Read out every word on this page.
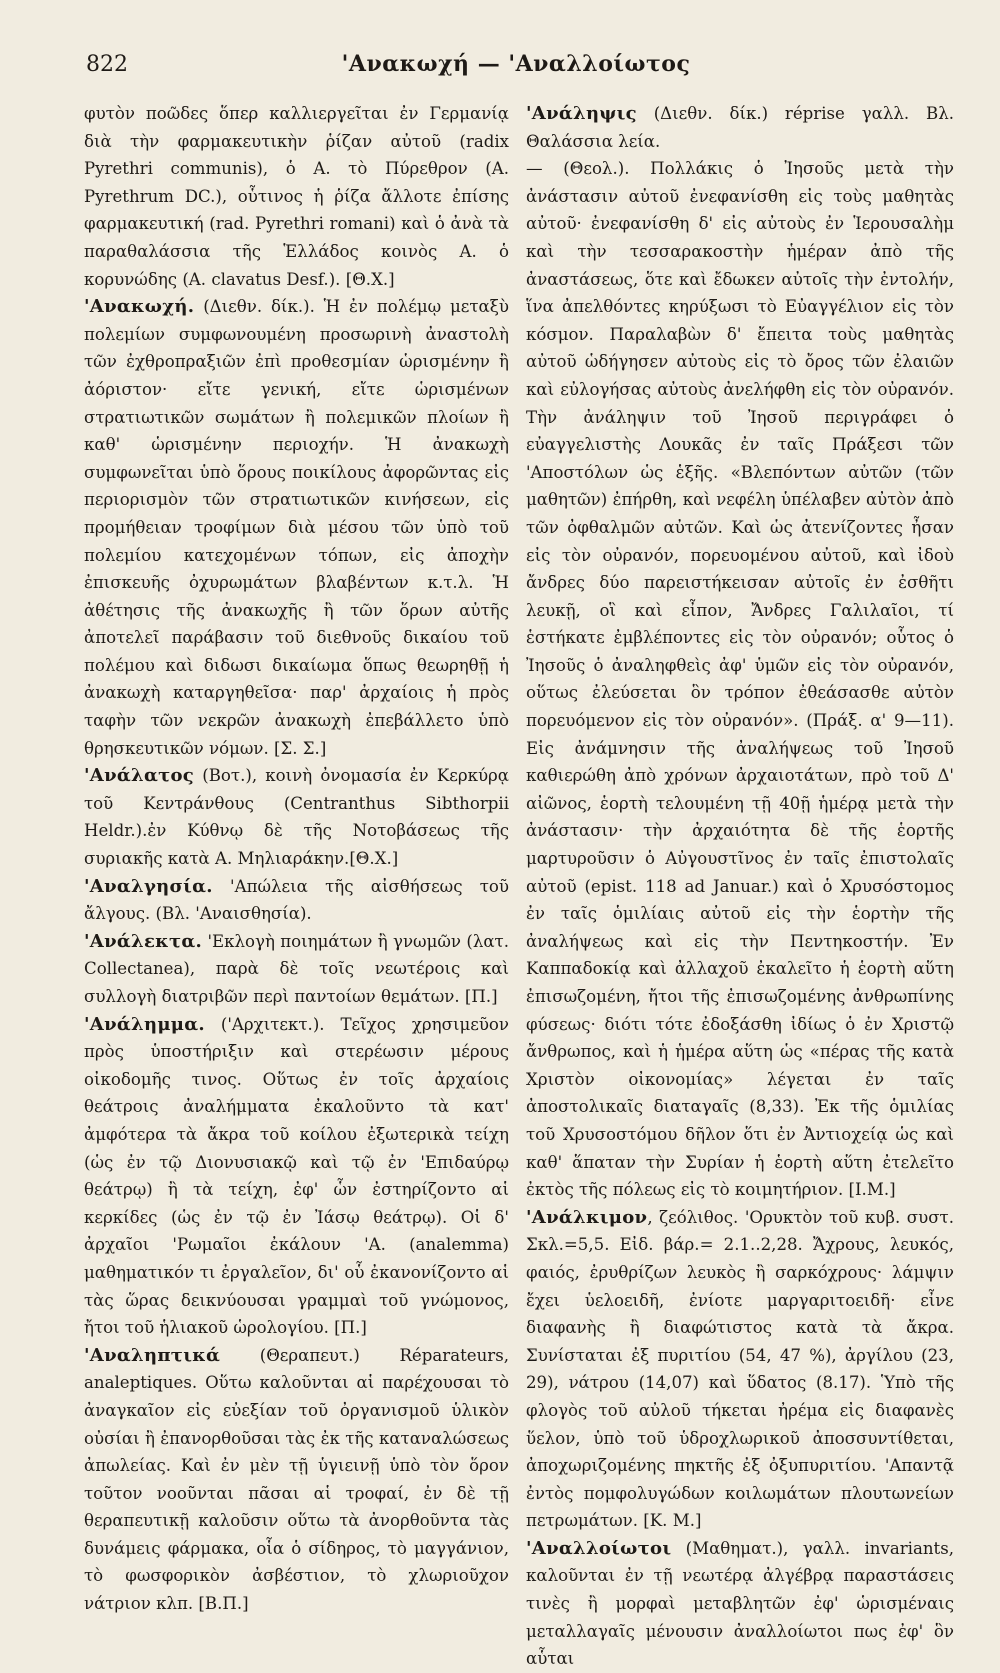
822	'Ανακωχή — 'Αναλλοίωτος

φυτὸν ποῶδες ὅπερ καλλιεργεῖται ἐν Γερμανίᾳ διὰ τὴν φαρμακευτικὴν ῥίζαν αὐτοῦ (radix Pyrethri communis), ὁ Α. τὸ Πύρεθρον (A. Pyrethrum DC.), οὗτινος ἡ ῥίζα ἄλλοτε ἐπίσης φαρμακευτική (rad. Pyrethri romani) καὶ ὁ ἀνὰ τὰ παραθαλάσσια τῆς Ἑλλάδος κοινὸς Α. ὁ κορυνώδης (A. clavatus Desf.). [Θ.Χ.]

'Ανακωχή. (Διεθν. δίκ.). Ἡ ἐν πολέμῳ μεταξὺ πολεμίων συμφωνουμένη προσωρινὴ ἀναστολὴ τῶν ἐχθροπραξιῶν ἐπὶ προθεσμίαν ὡρισμένην ἢ ἀόριστον· εἴτε γενική, εἴτε ὡρισμένων στρατιωτικῶν σωμάτων ἢ πολεμικῶν πλοίων ἢ καθ' ὡρισμένην περιοχήν. Ἡ ἀνακωχὴ συμφωνεῖται ὑπὸ ὅρους ποικίλους ἀφορῶντας εἰς περιορισμὸν τῶν στρατιωτικῶν κινήσεων, εἰς προμήθειαν τροφίμων διὰ μέσου τῶν ὑπὸ τοῦ πολεμίου κατεχομένων τόπων, εἰς ἀποχὴν ἐπισκευῆς ὀχυρωμάτων βλαβέντων κ.τ.λ. Ἡ ἀθέτησις τῆς ἀνακωχῆς ἢ τῶν ὅρων αὐτῆς ἀποτελεῖ παράβασιν τοῦ διεθνοῦς δικαίου τοῦ πολέμου καὶ διδωσι δικαίωμα ὅπως θεωρηθῇ ἡ ἀνακωχὴ καταργηθεῖσα· παρ' ἀρχαίοις ἡ πρὸς ταφὴν τῶν νεκρῶν ἀνακωχὴ ἐπεβάλλετο ὑπὸ θρησκευτικῶν νόμων. [Σ. Σ.]

'Ανάλατος (Βοτ.), κοινὴ ὀνομασία ἐν Κερκύρᾳ τοῦ Κεντράνθους (Centranthus Sibthorpii Heldr.).ἐν Κύθνῳ δὲ τῆς Νοτοβάσεως τῆς συριακῆς κατὰ Α. Μηλιαράκην.[Θ.Χ.]

'Αναλγησία. 'Απώλεια τῆς αἰσθήσεως τοῦ ἄλγους. (Βλ. 'Αναισθησία).

'Ανάλεκτα. 'Εκλογὴ ποιημάτων ἢ γνωμῶν (λατ. Collectanea), παρὰ δὲ τοῖς νεωτέροις καὶ συλλογὴ διατριβῶν περὶ παντοίων θεμάτων. [Π.]

'Ανάλημμα. ('Αρχιτεκτ.). Τεῖχος χρησιμεῦον πρὸς ὑποστήριξιν καὶ στερέωσιν μέρους οἰκοδομῆς τινος. Οὕτως ἐν τοῖς ἀρχαίοις θεάτροις ἀναλήμματα ἐκαλοῦντο τὰ κατ' ἀμφότερα τὰ ἄκρα τοῦ κοίλου ἐξωτερικὰ τείχη (ὡς ἐν τῷ Διονυσιακῷ καὶ τῷ ἐν 'Επιδαύρῳ θεάτρῳ) ἢ τὰ τείχη, ἐφ' ὧν ἐστηρίζοντο αἱ κερκίδες (ὡς ἐν τῷ ἐν Ἰάσῳ θεάτρῳ). Οἱ δ' ἀρχαῖοι 'Ρωμαῖοι ἐκάλουν 'Α. (analemma) μαθηματικόν τι ἐργαλεῖον, δι' οὗ ἐκανονίζοντο αἱ τὰς ὥρας δεικνύουσαι γραμμαὶ τοῦ γνώμονος, ἤτοι τοῦ ἡλιακοῦ ὡρολογίου. [Π.]

'Αναληπτικά (Θεραπευτ.) Réparateurs, analeptiques. Οὕτω καλοῦνται αἱ παρέχουσαι τὸ ἀναγκαῖον εἰς εὐεξίαν τοῦ ὀργανισμοῦ ὑλικὸν οὐσίαι ἢ ἐπανορθοῦσαι τὰς ἐκ τῆς καταναλώσεως ἀπωλείας. Καὶ ἐν μὲν τῇ ὑγιεινῇ ὑπὸ τὸν ὅρον τοῦτον νοοῦνται πᾶσαι αἱ τροφαί, ἐν δὲ τῇ θεραπευτικῇ καλοῦσιν οὕτω τὰ ἀνορθοῦντα τὰς δυνάμεις φάρμακα, οἷα ὁ σίδηρος, τὸ μαγγάνιον, τὸ φωσφορικὸν ἀσβέστιον, τὸ χλωριοῦχον νάτριον κλπ. [Β.Π.]

'Ανάληψις (Διεθν. δίκ.) réprise γαλλ. Βλ. Θαλάσσια λεία.

— (Θεολ.). Πολλάκις ὁ Ἰησοῦς μετὰ τὴν ἀνάστασιν αὐτοῦ ἐνεφανίσθη εἰς τοὺς μαθητὰς αὐτοῦ· ἐνεφανίσθη δ' εἰς αὐτοὺς ἐν Ἱερουσαλὴμ καὶ τὴν τεσσαρακοστὴν ἡμέραν ἀπὸ τῆς ἀναστάσεως, ὅτε καὶ ἔδωκεν αὐτοῖς τὴν ἐντολήν, ἵνα ἀπελθόντες κηρύξωσι τὸ Εὐαγγέλιον εἰς τὸν κόσμον. Παραλαβὼν δ' ἔπειτα τοὺς μαθητὰς αὐτοῦ ὡδήγησεν αὐτοὺς εἰς τὸ ὄρος τῶν ἐλαιῶν καὶ εὐλογήσας αὐτοὺς ἀνελήφθη εἰς τὸν οὐρανόν. Τὴν ἀνάληψιν τοῦ Ἰησοῦ περιγράφει ὁ εὐαγγελιστὴς Λουκᾶς ἐν ταῖς Πράξεσι τῶν 'Αποστόλων ὡς ἑξῆς. «Βλεπόντων αὐτῶν (τῶν μαθητῶν) ἐπήρθη, καὶ νεφέλη ὑπέλαβεν αὐτὸν ἀπὸ τῶν ὀφθαλμῶν αὐτῶν. Καὶ ὡς ἀτενίζοντες ἦσαν εἰς τὸν οὐρανόν, πορευομένου αὐτοῦ, καὶ ἰδοὺ ἄνδρες δύο παρειστήκεισαν αὐτοῖς ἐν ἐσθῆτι λευκῇ, οἳ καὶ εἶπον, Ἄνδρες Γαλιλαῖοι, τί ἑστήκατε ἐμβλέποντες εἰς τὸν οὐρανόν; οὗτος ὁ Ἰησοῦς ὁ ἀναληφθεὶς ἀφ' ὑμῶν εἰς τὸν οὐρανόν, οὕτως ἐλεύσεται ὃν τρόπον ἐθεάσασθε αὐτὸν πορευόμενον εἰς τὸν οὐρανόν». (Πράξ. α' 9—11). Εἰς ἀνάμνησιν τῆς ἀναλήψεως τοῦ Ἰησοῦ καθιερώθη ἀπὸ χρόνων ἀρχαιοτάτων, πρὸ τοῦ Δ' αἰῶνος, ἑορτὴ τελουμένη τῇ 40ῇ ἡμέρᾳ μετὰ τὴν ἀνάστασιν· τὴν ἀρχαιότητα δὲ τῆς ἑορτῆς μαρτυροῦσιν ὁ Αὐγουστῖνος ἐν ταῖς ἐπιστολαῖς αὐτοῦ (epist. 118 ad Januar.) καὶ ὁ Χρυσόστομος ἐν ταῖς ὁμιλίαις αὐτοῦ εἰς τὴν ἑορτὴν τῆς ἀναλήψεως καὶ εἰς τὴν Πεντηκοστήν. Ἐν Καππαδοκίᾳ καὶ ἀλλαχοῦ ἐκαλεῖτο ἡ ἑορτὴ αὕτη ἐπισωζομένη, ἤτοι τῆς ἐπισωζομένης ἀνθρωπίνης φύσεως· διότι τότε ἐδοξάσθη ἰδίως ὁ ἐν Χριστῷ ἄνθρωπος, καὶ ἡ ἡμέρα αὕτη ὡς «πέρας τῆς κατὰ Χριστὸν οἰκονομίας» λέγεται ἐν ταῖς ἀποστολικαῖς διαταγαῖς (8,33). Ἐκ τῆς ὁμιλίας τοῦ Χρυσοστόμου δῆλον ὅτι ἐν Ἀντιοχείᾳ ὡς καὶ καθ' ἅπαταν τὴν Συρίαν ἡ ἑορτὴ αὕτη ἐτελεῖτο ἐκτὸς τῆς πόλεως εἰς τὸ κοιμητήριον. [Ι.Μ.]

'Ανάλκιμον, ζεόλιθος. 'Ορυκτὸν τοῦ κυβ. συστ. Σκλ.=5,5. Εἰδ. βάρ.= 2.1..2,28. Ἄχρους, λευκός, φαιός, ἐρυθρίζων λευκὸς ἢ σαρκόχρους· λάμψιν ἔχει ὑελοειδῆ, ἐνίοτε μαργαριτοειδῆ· εἶνε διαφανὴς ἢ διαφώτιστος κατὰ τὰ ἄκρα. Συνίσταται ἐξ πυριτίου (54, 47 %), ἀργίλου (23, 29), νάτρου (14,07) καὶ ὕδατος (8.17). Ὑπὸ τῆς φλογὸς τοῦ αὐλοῦ τήκεται ἠρέμα εἰς διαφανὲς ὕελον, ὑπὸ τοῦ ὑδροχλωρικοῦ ἀποσσυντίθεται, ἀποχωριζομένης πηκτῆς ἐξ ὀξυπυριτίου. 'Απαντᾷ ἐντὸς πομφολυγώδων κοιλωμάτων πλουτωνείων πετρωμάτων. [Κ. Μ.]

'Αναλλοίωτοι (Μαθηματ.), γαλλ. invariants, καλοῦνται ἐν τῇ νεωτέρᾳ ἀλγέβρᾳ παραστάσεις τινὲς ἢ μορφαὶ μεταβλητῶν ἐφ' ὡρισμέναις μεταλλαγαῖς μένουσιν ἀναλλοίωτοι πως ἐφ' ὃν αὗται
